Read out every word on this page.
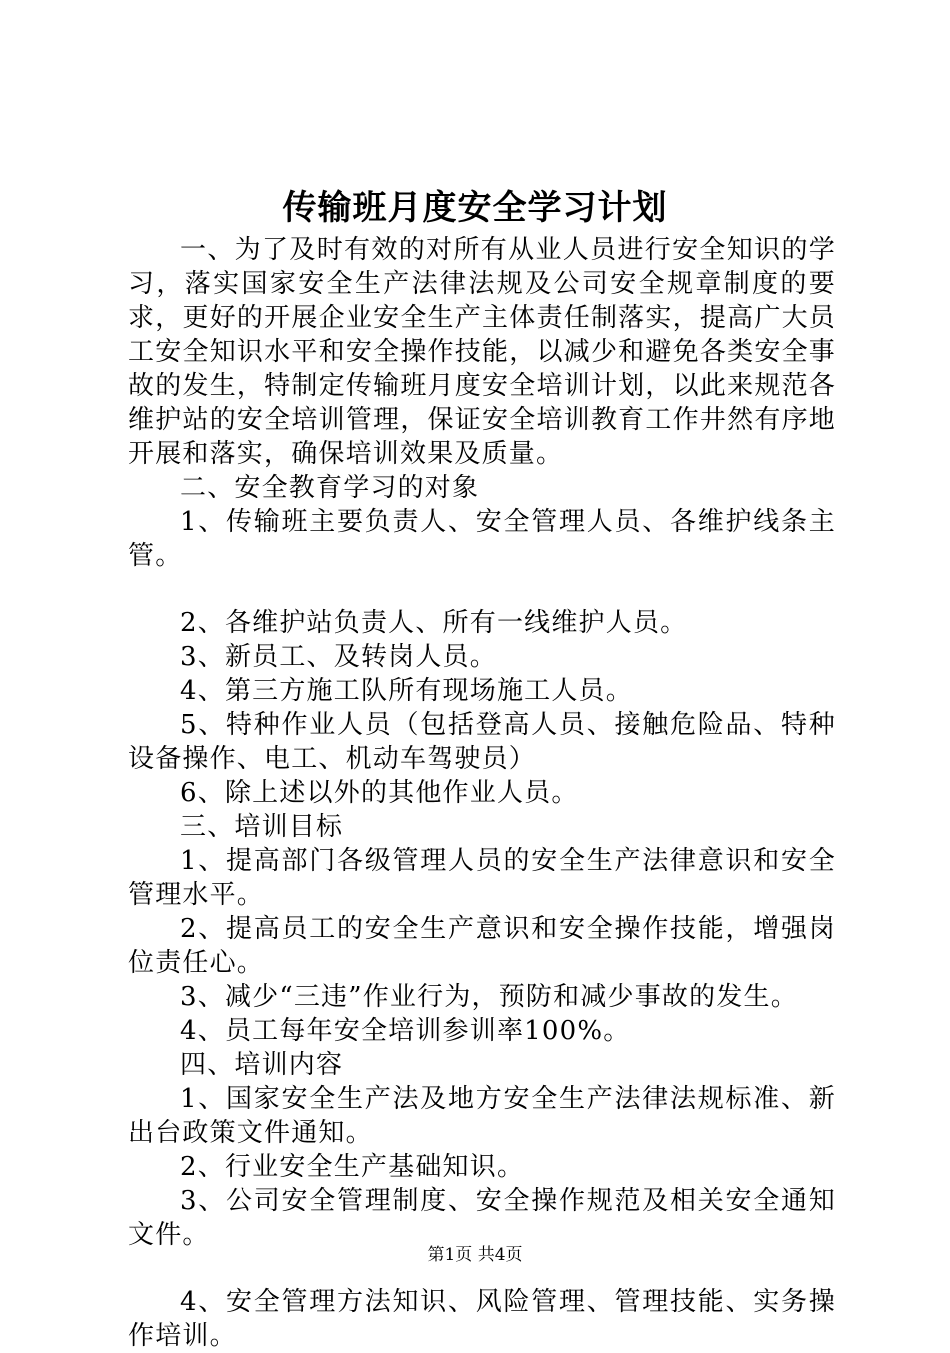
传输班月度安全学习计划

一、为了及时有效的对所有从业人员进行安全知识的学习，落实国家安全生产法律法规及公司安全规章制度的要求，更好的开展企业安全生产主体责任制落实，提高广大员工安全知识水平和安全操作技能，以减少和避免各类安全事故的发生，特制定传输班月度安全培训计划，以此来规范各维护站的安全培训管理，保证安全培训教育工作井然有序地开展和落实，确保培训效果及质量。

二、安全教育学习的对象

1、传输班主要负责人、安全管理人员、各维护线条主管。

2、各维护站负责人、所有一线维护人员。

3、新员工、及转岗人员。

4、第三方施工队所有现场施工人员。

5、特种作业人员（包括登高人员、接触危险品、特种设备操作、电工、机动车驾驶员）

6、除上述以外的其他作业人员。

三、培训目标

1、提高部门各级管理人员的安全生产法律意识和安全管理水平。

2、提高员工的安全生产意识和安全操作技能，增强岗位责任心。

3、减少“三违”作业行为，预防和减少事故的发生。

4、员工每年安全培训参训率100%。

四、培训内容

1、国家安全生产法及地方安全生产法律法规标准、新出台政策文件通知。

2、行业安全生产基础知识。

3、公司安全管理制度、安全操作规范及相关安全通知文件。

4、安全管理方法知识、风险管理、管理技能、实务操作培训。

第1页 共4页
